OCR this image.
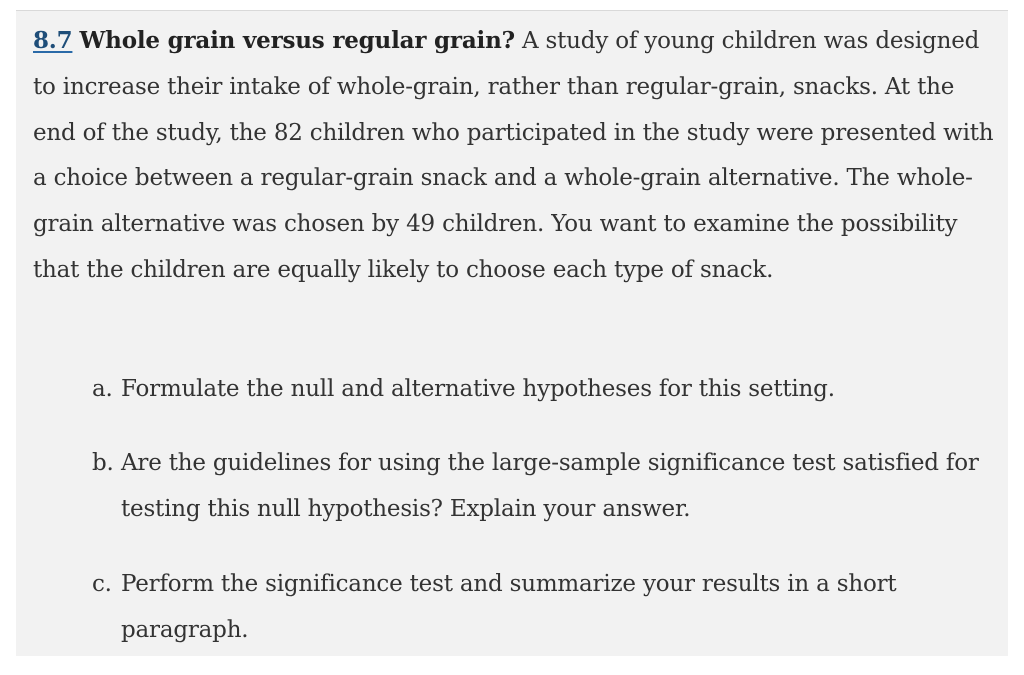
8.7 Whole grain versus regular grain? A study of young children was designed to increase their intake of whole-grain, rather than regular-grain, snacks. At the end of the study, the 82 children who participated in the study were presented with a choice between a regular-grain snack and a whole-grain alternative. The whole-grain alternative was chosen by 49 children. You want to examine the possibility that the children are equally likely to choose each type of snack.

a. Formulate the null and alternative hypotheses for this setting.

b. Are the guidelines for using the large-sample significance test satisfied for testing this null hypothesis? Explain your answer.

c. Perform the significance test and summarize your results in a short paragraph.
